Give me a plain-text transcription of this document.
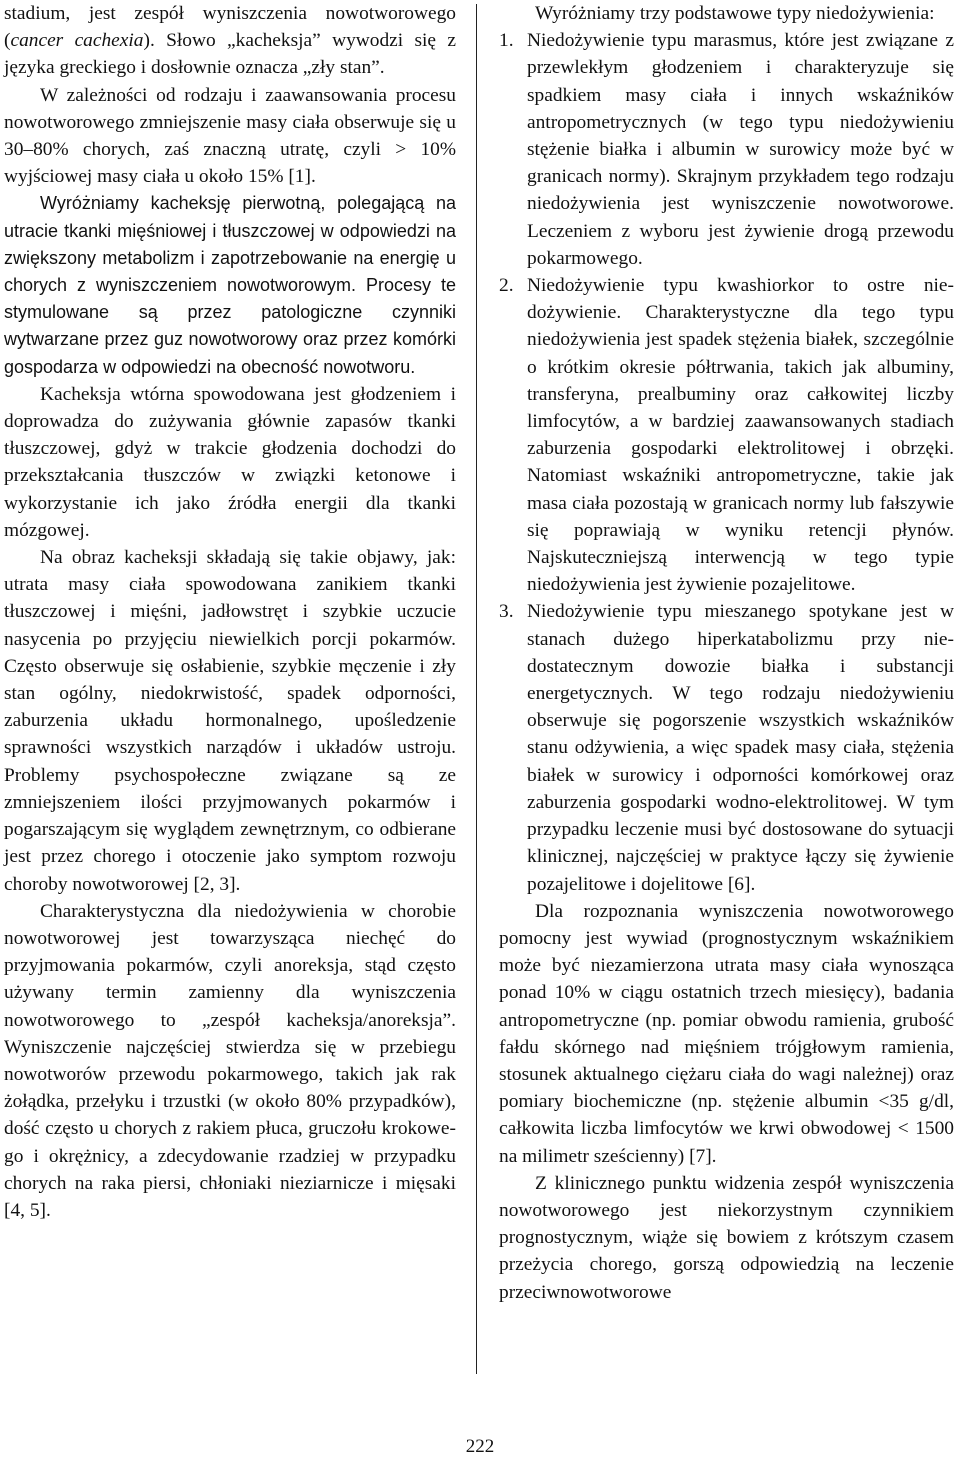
stadium, jest zespół wyniszczenia nowotworowego (cancer cachexia). Słowo „kacheksja” wywodzi się z języka greckiego i dosłownie oznacza „zły stan”.

W zależności od rodzaju i zaawansowania procesu nowotworowego zmniejszenie masy ciała obserwuje się u 30–80% chorych, zaś znaczną utratę, czyli > 10% wyjściowej masy ciała u około 15% [1].

Wyróżniamy kacheksję pierwotną, polegającą na utracie tkanki mięśniowej i tłuszczowej w odpowiedzi na zwiększony metabolizm i zapotrzebowanie na energię u chorych z wyniszczeniem nowotworowym. Procesy te stymulowane są przez patologiczne czynniki wytwarzane przez guz nowotworowy oraz przez komórki gospodarza w odpowiedzi na obecność nowotworu.

Kacheksja wtórna spowodowana jest głodzeniem i doprowadza do zużywania głównie zapasów tkanki tłuszczowej, gdyż w trakcie głodzenia dochodzi do przekształcania tłuszczów w związki ketonowe i wykorzystanie ich jako źródła energii dla tkanki mózgowej.

Na obraz kacheksji składają się takie objawy, jak: utrata masy ciała spowodowana zanikiem tkanki tłuszczowej i mięśni, jadłowstręt i szybkie uczucie nasycenia po przyjęciu niewielkich porcji pokarmów. Często obserwuje się osłabienie, szybkie męczenie i zły stan ogólny, niedokrwistość, spadek odporności, zaburzenia układu hormonalnego, upośledzenie sprawności wszystkich narządów i układów ustroju. Problemy psychospołeczne związane są ze zmniejszeniem ilości przyjmowanych pokarmów i pogarszającym się wyglądem zewnętrznym, co odbierane jest przez chorego i otoczenie jako symptom rozwoju choroby nowotworowej [2, 3].

Charakterystyczna dla niedożywienia w chorobie nowotworowej jest towarzysząca niechęć do przyjmowania pokarmów, czyli anoreksja, stąd często używany termin zamienny dla wyniszczenia nowotworowego to „zespół kacheksja/anoreksja”. Wyniszczenie najczęściej stwierdza się w przebiegu nowotworów przewodu pokarmowego, takich jak rak żołądka, przełyku i trzustki (w około 80% przypadków), dość często u chorych z rakiem płuca, gruczołu krokowego i okrężnicy, a zdecydowanie rzadziej w przypadku chorych na raka piersi, chłoniaki nieziarnicze i mięsaki [4, 5].

Wyróżniamy trzy podstawowe typy niedożywienia:

1. Niedożywienie typu marasmus, które jest związane z przewlekłym głodzeniem i charakteryzuje się spadkiem masy ciała i innych wskaźników antropometrycznych (w tego typu niedożywieniu stężenie białka i albumin w surowicy może być w granicach normy). Skrajnym przykładem tego rodzaju niedożywienia jest wyniszczenie nowotworowe. Leczeniem z wyboru jest żywienie drogą przewodu pokarmowego.
2. Niedożywienie typu kwashiorkor to ostre niedożywienie. Charakterystyczne dla tego typu niedożywienia jest spadek stężenia białek, szczególnie o krótkim okresie półtrwania, takich jak albuminy, transferyna, prealbuminy oraz całkowitej liczby limfocytów, a w bardziej zaawansowanych stadiach zaburzenia gospodarki elektrolitowej i obrzęki. Natomiast wskaźniki antropometryczne, takie jak masa ciała pozostają w granicach normy lub fałszywie się poprawiają w wyniku retencji płynów. Najskuteczniejszą interwencją w tego typie niedożywienia jest żywienie pozajelitowe.
3. Niedożywienie typu mieszanego spotykane jest w stanach dużego hiperkatabolizmu przy niedostatecznym dowozie białka i substancji energetycznych. W tego rodzaju niedożywieniu obserwuje się pogorszenie wszystkich wskaźników stanu odżywienia, a więc spadek masy ciała, stężenia białek w surowicy i odporności komórkowej oraz zaburzenia gospodarki wodno-elektrolitowej. W tym przypadku leczenie musi być dostosowane do sytuacji klinicznej, najczęściej w praktyce łączy się żywienie pozajelitowe i dojelitowe [6].

Dla rozpoznania wyniszczenia nowotworowego pomocny jest wywiad (prognostycznym wskaźnikiem może być niezamierzona utrata masy ciała wynosząca ponad 10% w ciągu ostatnich trzech miesięcy), badania antropometryczne (np. pomiar obwodu ramienia, grubość fałdu skórnego nad mięśniem trójgłowym ramienia, stosunek aktualnego ciężaru ciała do wagi należnej) oraz pomiary biochemiczne (np. stężenie albumin <35 g/dl, całkowita liczba limfocytów we krwi obwodowej < 1500 na milimetr sześcienny) [7].

Z klinicznego punktu widzenia zespół wyniszczenia nowotworowego jest niekorzystnym czynnikiem prognostycznym, wiąże się bowiem z krótszym czasem przeżycia chorego, gorszą odpowiedzią na leczenie przeciwnowotworowe

222
